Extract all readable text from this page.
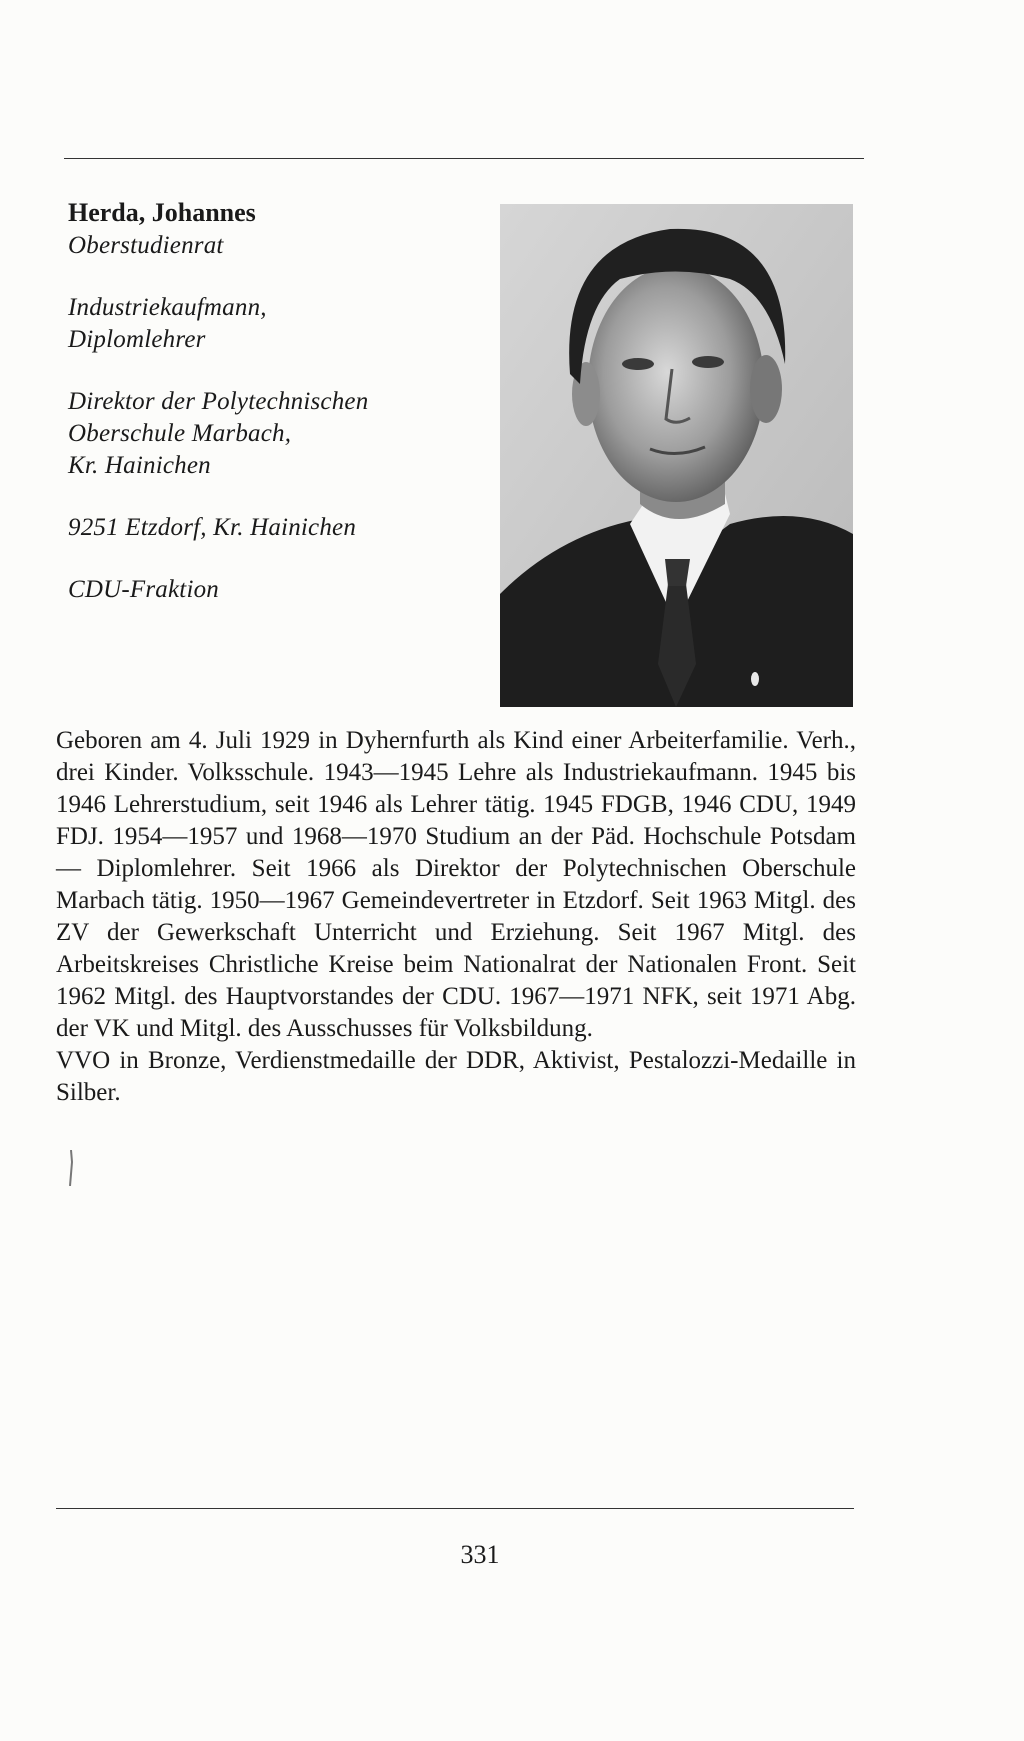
Herda, Johannes

Oberstudienrat

Industriekaufmann,

Diplomlehrer

Direktor der Polytechnischen

Oberschule Marbach,

Kr. Hainichen

9251 Etzdorf, Kr. Hainichen

CDU-Fraktion

Geboren am 4. Juli 1929 in Dyhernfurth als Kind einer Arbeiterfamilie. Verh., drei Kinder. Volksschule. 1943—1945 Lehre als Industriekaufmann. 1945 bis 1946 Lehrerstudium, seit 1946 als Lehrer tätig. 1945 FDGB, 1946 CDU, 1949 FDJ. 1954—1957 und 1968—1970 Studium an der Päd. Hochschule Potsdam — Diplomlehrer. Seit 1966 als Direktor der Polytechnischen Oberschule Marbach tätig. 1950—1967 Gemeindevertreter in Etzdorf. Seit 1963 Mitgl. des ZV der Gewerkschaft Unterricht und Erziehung. Seit 1967 Mitgl. des Arbeitskreises Christliche Kreise beim Nationalrat der Nationalen Front. Seit 1962 Mitgl. des Hauptvorstandes der CDU. 1967—1971 NFK, seit 1971 Abg. der VK und Mitgl. des Ausschusses für Volksbildung.

VVO in Bronze, Verdienstmedaille der DDR, Aktivist, Pestalozzi-Medaille in Silber.

331
